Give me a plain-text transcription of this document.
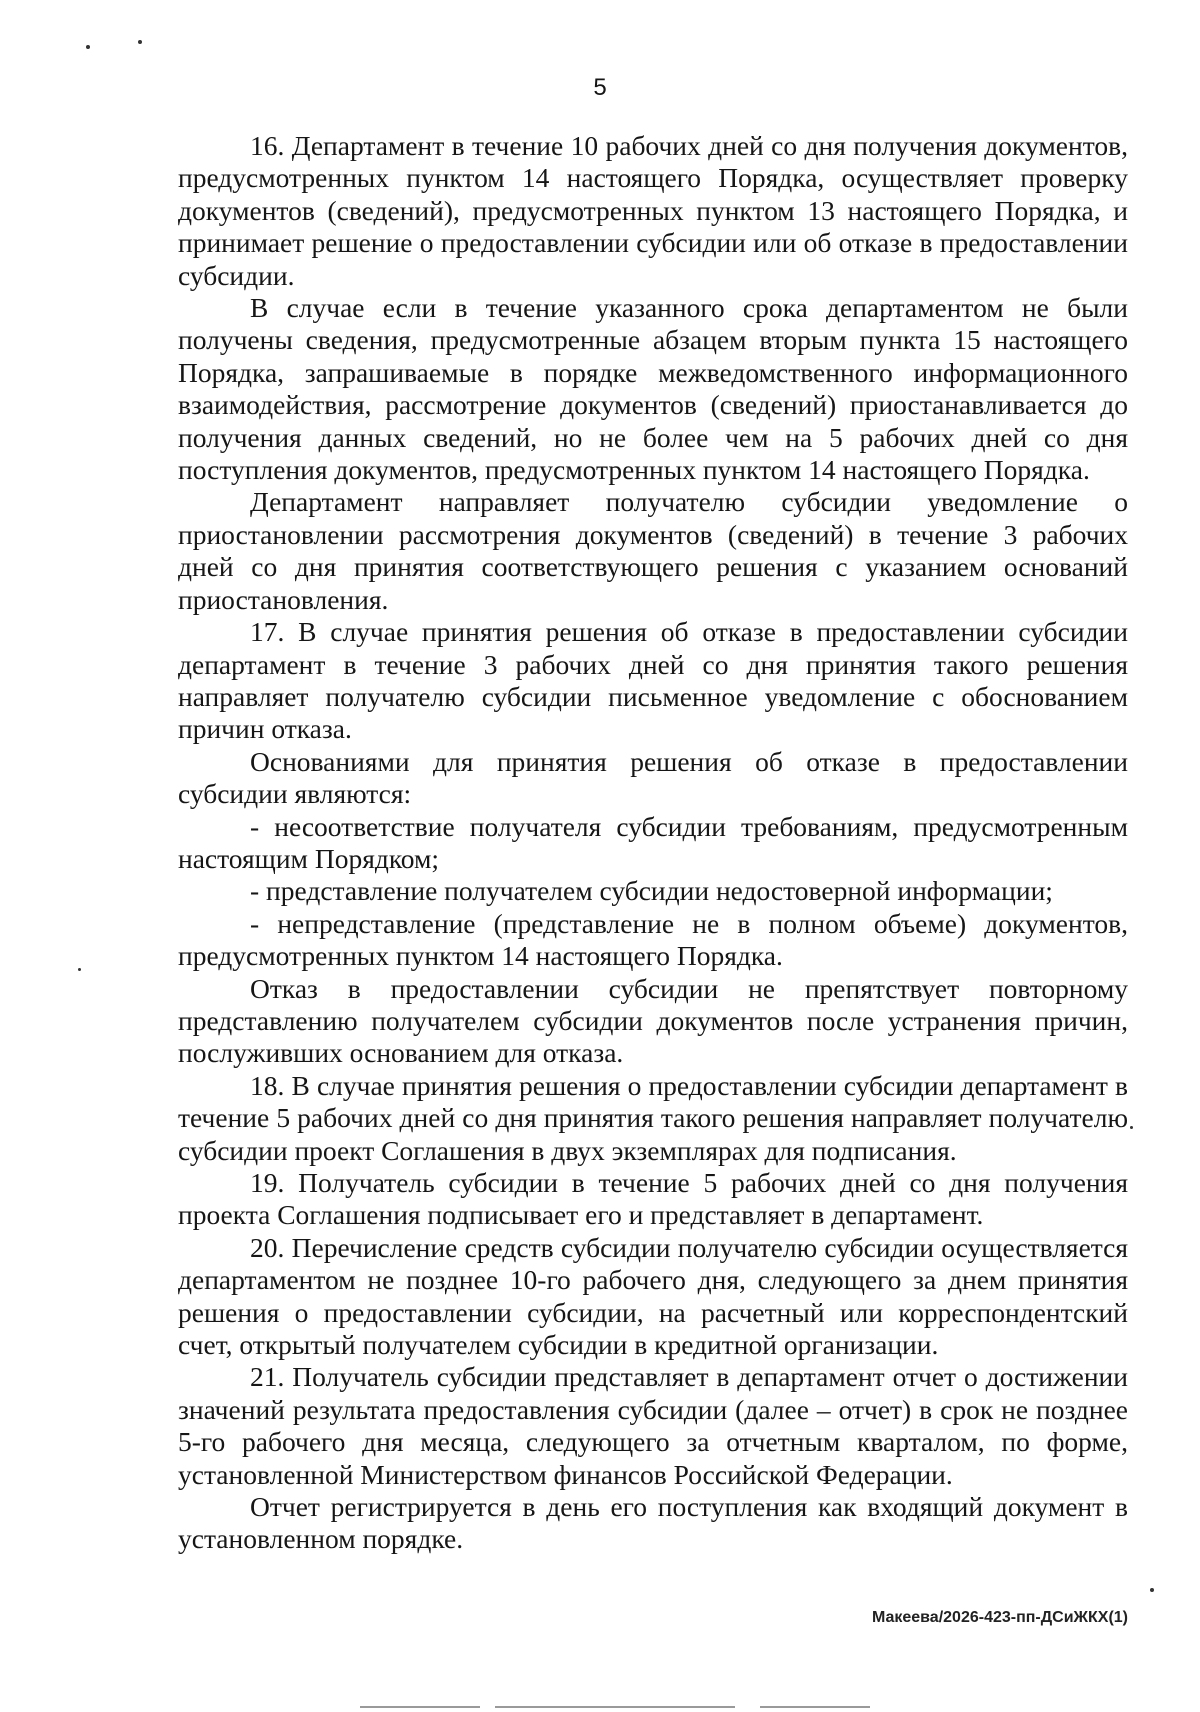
5

16. Департамент в течение 10 рабочих дней со дня получения документов, предусмотренных пунктом 14 настоящего Порядка, осуществляет проверку документов (сведений), предусмотренных пунктом 13 настоящего Порядка, и принимает решение о предоставлении субсидии или об отказе в предоставлении субсидии.

В случае если в течение указанного срока департаментом не были получены сведения, предусмотренные абзацем вторым пункта 15 настоящего Порядка, запрашиваемые в порядке межведомственного информационного взаимодействия, рассмотрение документов (сведений) приостанавливается до получения данных сведений, но не более чем на 5 рабочих дней со дня поступления документов, предусмотренных пунктом 14 настоящего Порядка.

Департамент направляет получателю субсидии уведомление о приостановлении рассмотрения документов (сведений) в течение 3 рабочих дней со дня принятия соответствующего решения с указанием оснований приостановления.

17. В случае принятия решения об отказе в предоставлении субсидии департамент в течение 3 рабочих дней со дня принятия такого решения направляет получателю субсидии письменное уведомление с обоснованием причин отказа.

Основаниями для принятия решения об отказе в предоставлении субсидии являются:

- несоответствие получателя субсидии требованиям, предусмотренным настоящим Порядком;

- представление получателем субсидии недостоверной информации;

- непредставление (представление не в полном объеме) документов, предусмотренных пунктом 14 настоящего Порядка.

Отказ в предоставлении субсидии не препятствует повторному представлению получателем субсидии документов после устранения причин, послуживших основанием для отказа.

18. В случае принятия решения о предоставлении субсидии департамент в течение 5 рабочих дней со дня принятия такого решения направляет получателю субсидии проект Соглашения в двух экземплярах для подписания.

19. Получатель субсидии в течение 5 рабочих дней со дня получения проекта Соглашения подписывает его и представляет в департамент.

20. Перечисление средств субсидии получателю субсидии осуществляется департаментом не позднее 10-го рабочего дня, следующего за днем принятия решения о предоставлении субсидии, на расчетный или корреспондентский счет, открытый получателем субсидии в кредитной организации.

21. Получатель субсидии представляет в департамент отчет о достижении значений результата предоставления субсидии (далее – отчет) в срок не позднее 5-го рабочего дня месяца, следующего за отчетным кварталом, по форме, установленной Министерством финансов Российской Федерации.

Отчет регистрируется в день его поступления как входящий документ в установленном порядке.

Макеева/2026-423-пп-ДСиЖКХ(1)
